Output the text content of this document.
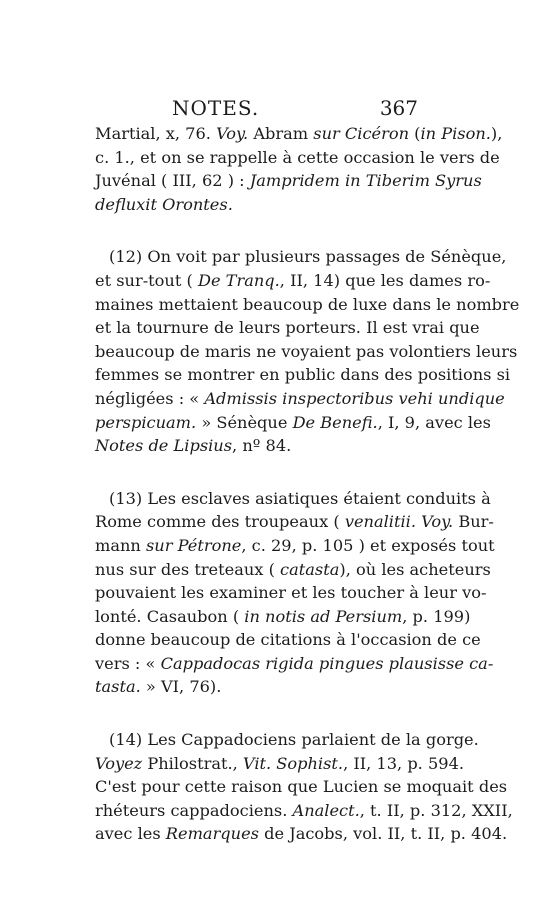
NOTES.	367
Martial, x, 76. Voy. Abram sur Cicéron (in Pison.),
c. 1., et on se rappelle à cette occasion le vers de
Juvénal ( III, 62 ) : Jampridem in Tiberim Syrus
defluxit Orontes.
(12) On voit par plusieurs passages de Sénèque,
et sur-tout ( De Tranq., II, 14) que les dames ro-
maines mettaient beaucoup de luxe dans le nombre
et la tournure de leurs porteurs. Il est vrai que
beaucoup de maris ne voyaient pas volontiers leurs
femmes se montrer en public dans des positions si
négligées : « Admissis inspectoribus vehi undique
perspicuam. » Sénèque De Benefi., I, 9, avec les
Notes de Lipsius, nº 84.
(13) Les esclaves asiatiques étaient conduits à
Rome comme des troupeaux ( venalitii. Voy. Bur-
mann sur Pétrone, c. 29, p. 105 ) et exposés tout
nus sur des treteaux ( catasta), où les acheteurs
pouvaient les examiner et les toucher à leur vo-
lonté. Casaubon ( in notis ad Persium, p. 199)
donne beaucoup de citations à l'occasion de ce
vers : « Cappadocas rigida pingues plausisse ca-
tasta. » VI, 76).
(14) Les Cappadociens parlaient de la gorge.
Voyez Philostrat., Vit. Sophist., II, 13, p. 594.
C'est pour cette raison que Lucien se moquait des
rhéteurs cappadociens. Analect., t. II, p. 312, XXII,
avec les Remarques de Jacobs, vol. II, t. II, p. 404.
